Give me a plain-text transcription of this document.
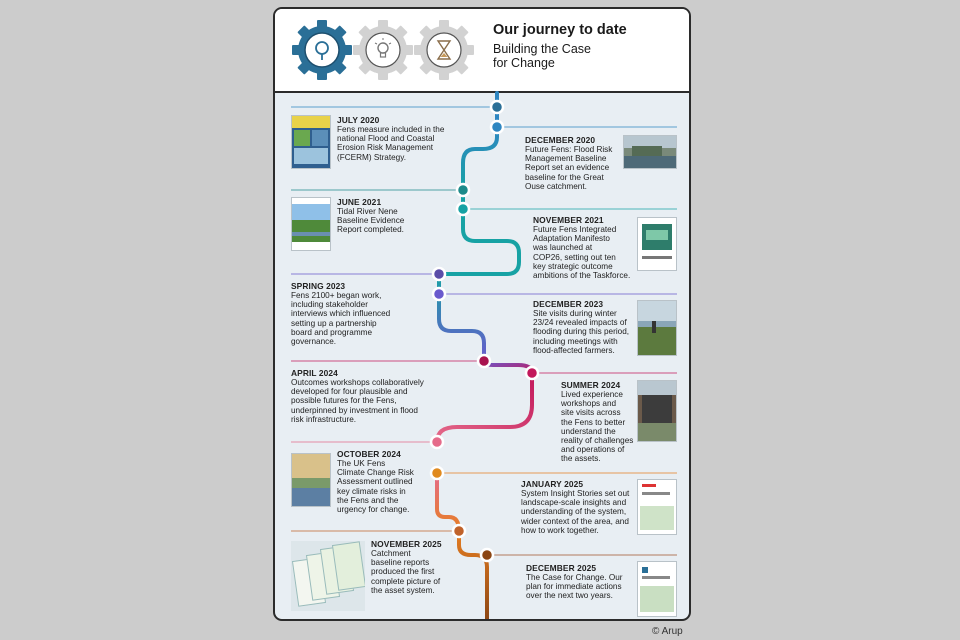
Our journey to date
Building the Case
for Change
JULY 2020
Fens measure included in the
national Flood and Coastal
Erosion Risk Management
(FCERM) Strategy.
DECEMBER 2020
Future Fens: Flood Risk
Management Baseline
Report set an evidence
baseline for the Great
Ouse catchment.
JUNE 2021
Tidal River Nene
Baseline Evidence
Report completed.
NOVEMBER 2021
Future Fens Integrated
Adaptation Manifesto
was launched at
COP26, setting out ten
key strategic outcome
ambitions of the Taskforce.
SPRING 2023
Fens 2100+ began work,
including stakeholder
interviews which influenced
setting up a partnership
board and programme
governance.
DECEMBER 2023
Site visits during winter
23/24 revealed impacts of
flooding during this period,
including meetings with
flood-affected farmers.
APRIL 2024
Outcomes workshops collaboratively
developed for four plausible and
possible futures for the Fens,
underpinned by investment in flood
risk infrastructure.
SUMMER 2024
Lived experience
workshops and
site visits across
the Fens to better
understand the
reality of challenges
and operations of
the assets.
OCTOBER 2024
The UK Fens
Climate Change Risk
Assessment outlined
key climate risks in
the Fens and the
urgency for change.
JANUARY 2025
System Insight Stories set out
landscape-scale insights and
understanding of the system,
wider context of the area, and
how to work together.
NOVEMBER 2025
Catchment
baseline reports
produced the first
complete picture of
the asset system.
DECEMBER 2025
The Case for Change. Our
plan for immediate actions
over the next two years.
© Arup
